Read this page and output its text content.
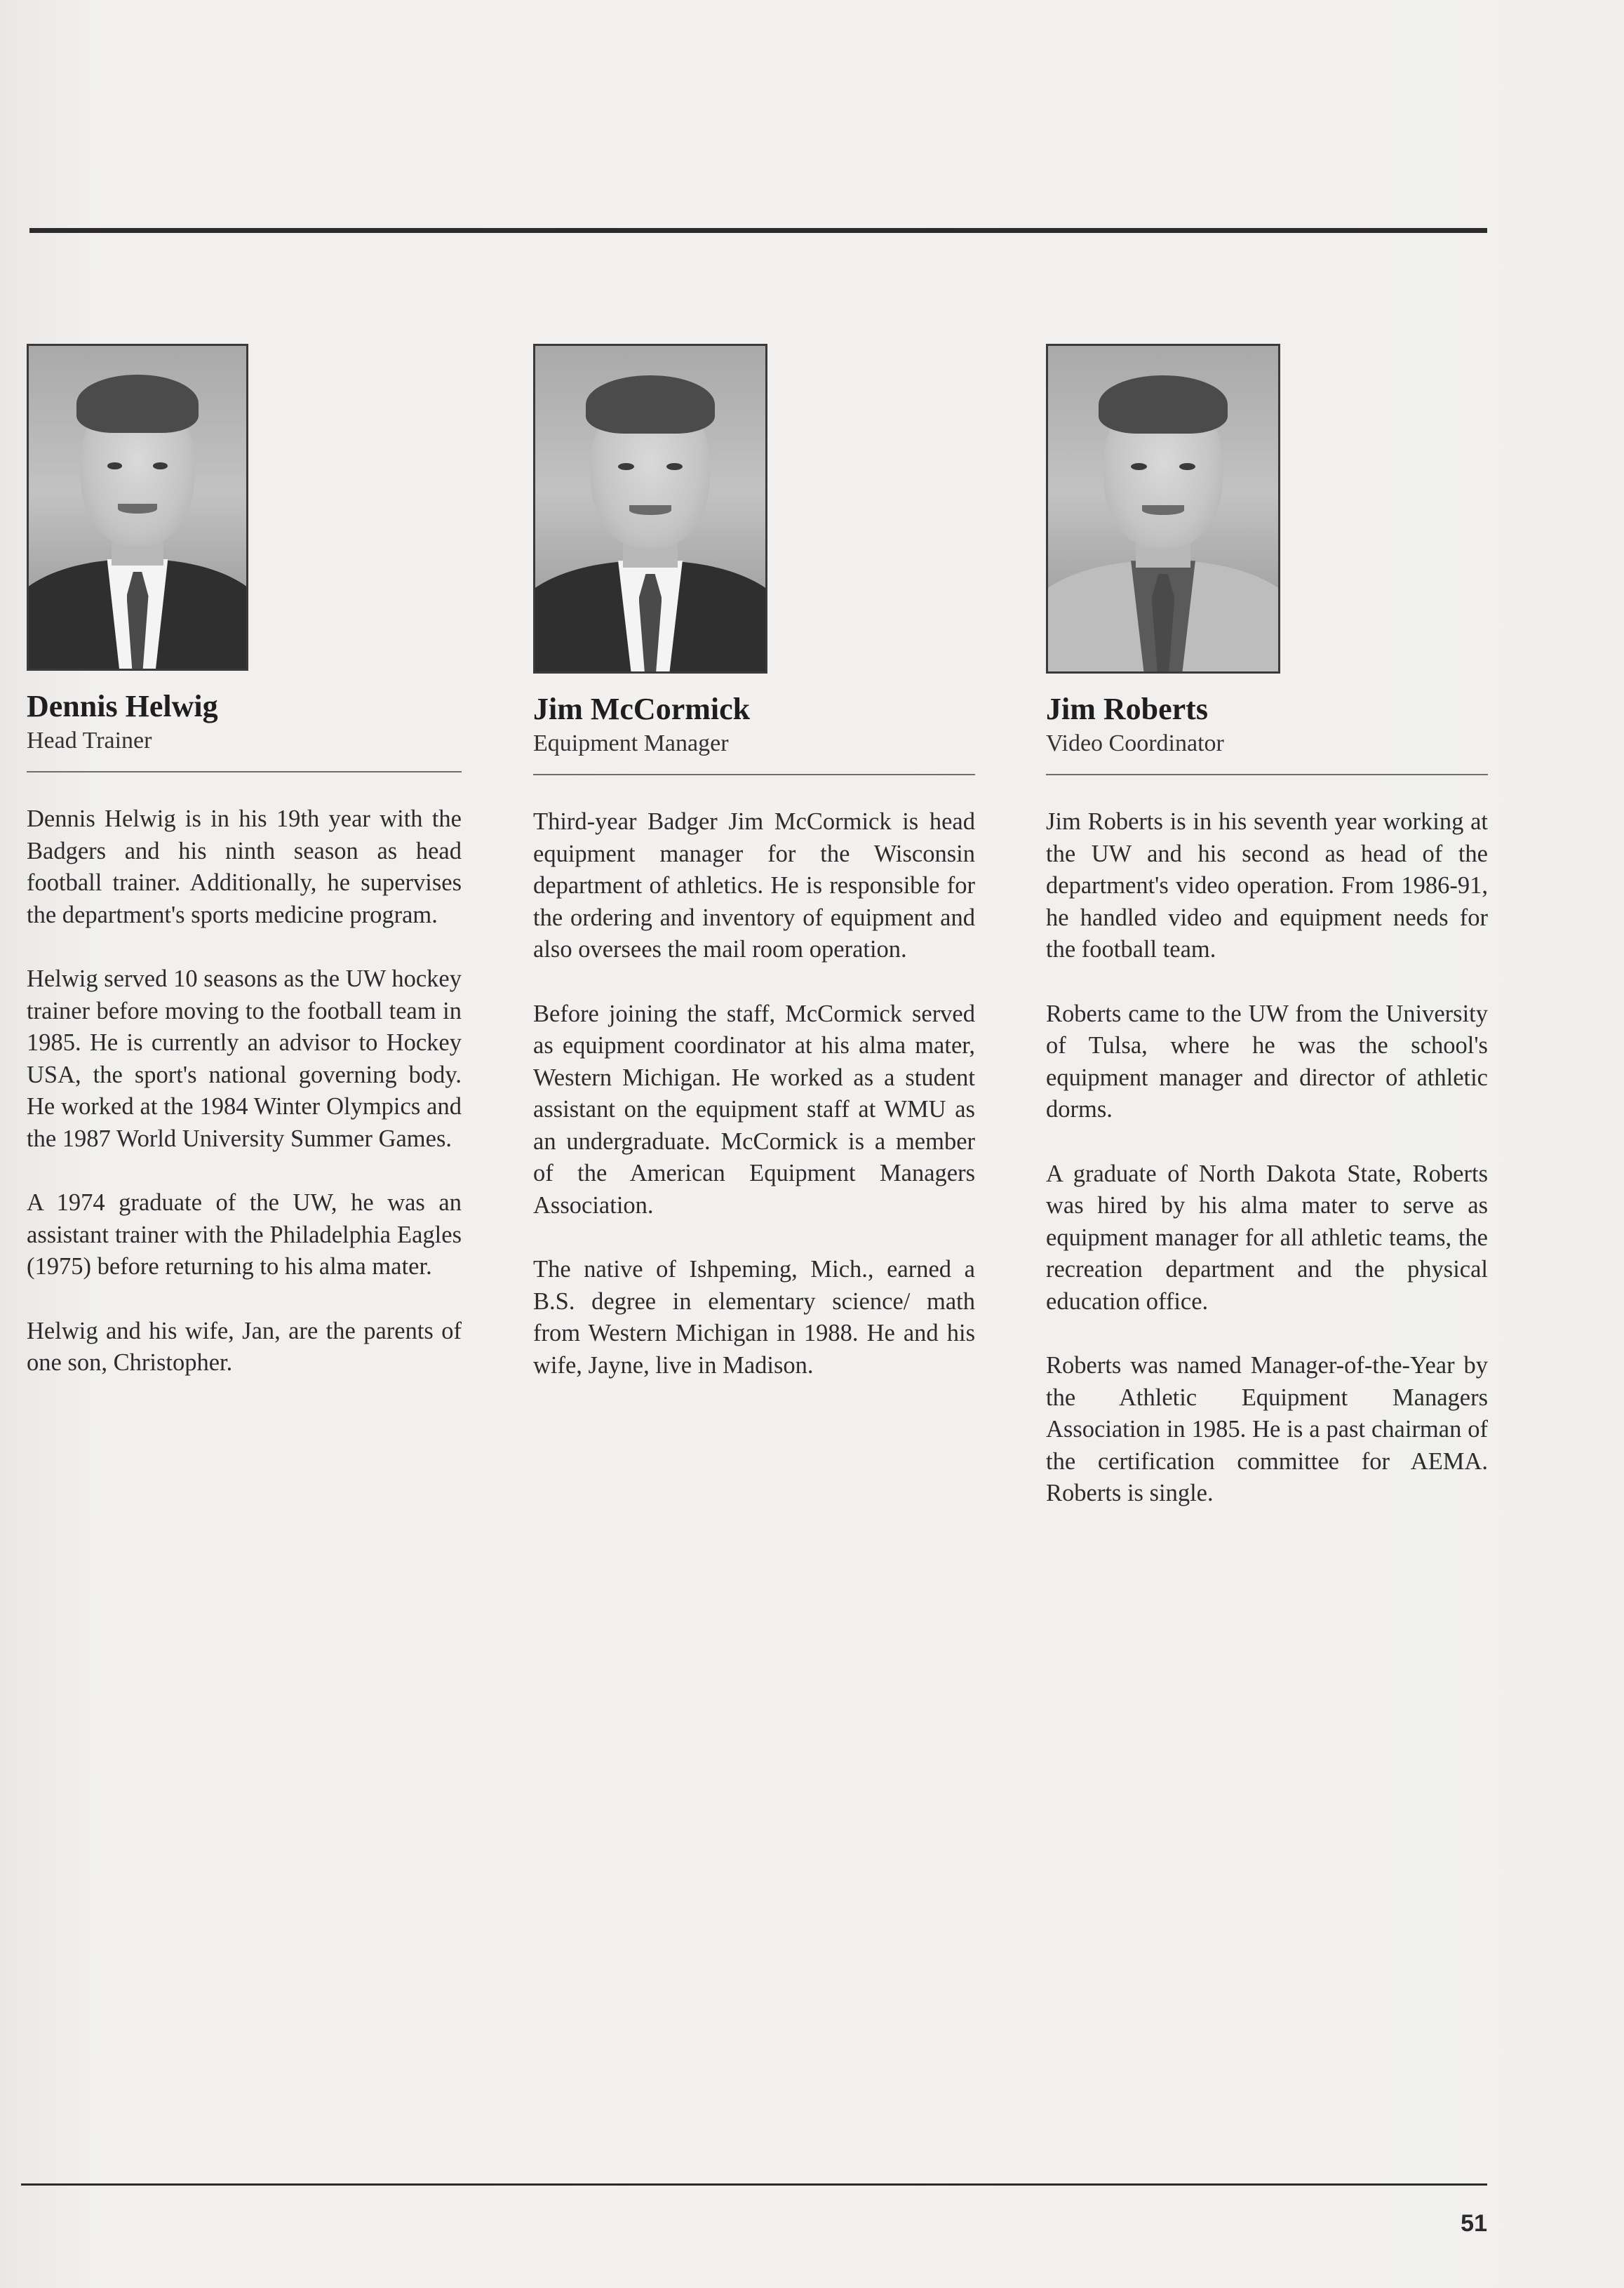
Dennis Helwig
Head Trainer

Dennis Helwig is in his 19th year with the Badgers and his ninth season as head football trainer. Additionally, he supervises the department's sports medicine program.

Helwig served 10 seasons as the UW hockey trainer before moving to the football team in 1985. He is currently an advisor to Hockey USA, the sport's national governing body. He worked at the 1984 Winter Olympics and the 1987 World University Summer Games.

A 1974 graduate of the UW, he was an assistant trainer with the Philadelphia Eagles (1975) before returning to his alma mater.

Helwig and his wife, Jan, are the parents of one son, Christopher.

Jim McCormick
Equipment Manager

Third-year Badger Jim McCormick is head equipment manager for the Wisconsin department of athletics. He is responsible for the ordering and inventory of equipment and also oversees the mail room operation.

Before joining the staff, McCormick served as equipment coordinator at his alma mater, Western Michigan. He worked as a student assistant on the equipment staff at WMU as an undergraduate. McCormick is a member of the American Equipment Managers Association.

The native of Ishpeming, Mich., earned a B.S. degree in elementary science/ math from Western Michigan in 1988. He and his wife, Jayne, live in Madison.

Jim Roberts
Video Coordinator

Jim Roberts is in his seventh year working at the UW and his second as head of the department's video operation. From 1986-91, he handled video and equipment needs for the football team.

Roberts came to the UW from the University of Tulsa, where he was the school's equipment manager and director of athletic dorms.

A graduate of North Dakota State, Roberts was hired by his alma mater to serve as equipment manager for all athletic teams, the recreation department and the physical education office.

Roberts was named Manager-of-the-Year by the Athletic Equipment Managers Association in 1985. He is a past chairman of the certification committee for AEMA. Roberts is single.

51
